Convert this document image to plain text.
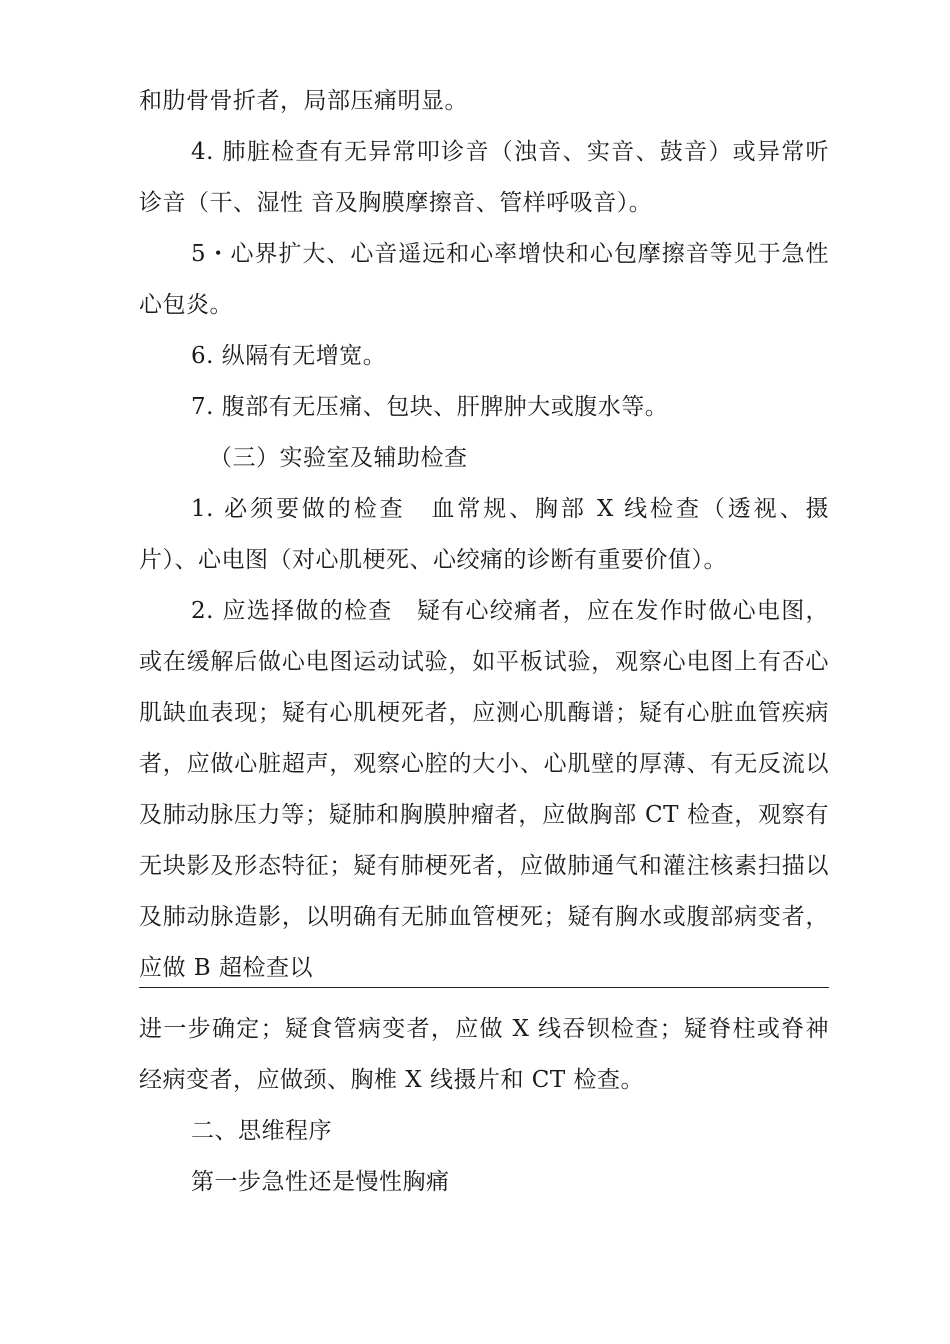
和肋骨骨折者，局部压痛明显。

4. 肺脏检查有无异常叩诊音（浊音、实音、鼓音）或异常听诊音（干、湿性 音及胸膜摩擦音、管样呼吸音）。

5・心界扩大、心音遥远和心率增快和心包摩擦音等见于急性心包炎。

6. 纵隔有无增宽。

7. 腹部有无压痛、包块、肝脾肿大或腹水等。

（三）实验室及辅助检查

1. 必须要做的检查　血常规、胸部 X 线检查（透视、摄片）、心电图（对心肌梗死、心绞痛的诊断有重要价值）。

2. 应选择做的检查　疑有心绞痛者，应在发作时做心电图，或在缓解后做心电图运动试验，如平板试验，观察心电图上有否心肌缺血表现；疑有心肌梗死者，应测心肌酶谱；疑有心脏血管疾病者，应做心脏超声，观察心腔的大小、心肌壁的厚薄、有无反流以及肺动脉压力等；疑肺和胸膜肿瘤者，应做胸部 CT 检查，观察有无块影及形态特征；疑有肺梗死者，应做肺通气和灌注核素扫描以及肺动脉造影，以明确有无肺血管梗死；疑有胸水或腹部病变者，应做 B 超检查以

进一步确定；疑食管病变者，应做 X 线吞钡检查；疑脊柱或脊神经病变者，应做颈、胸椎 X 线摄片和 CT 检查。

二、思维程序

第一步急性还是慢性胸痛
